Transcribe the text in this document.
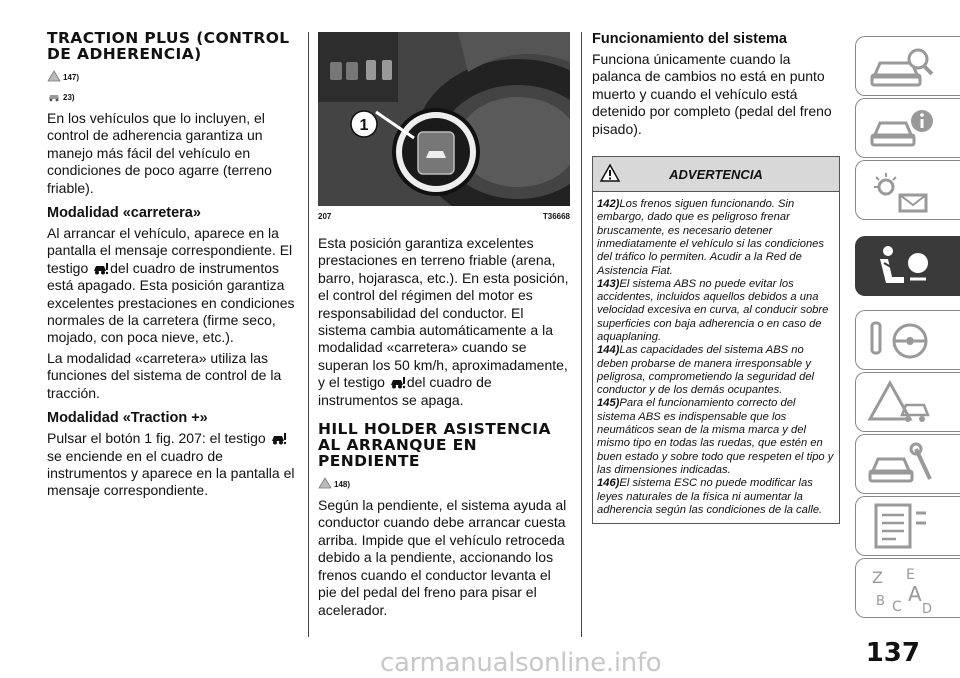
TRACTION PLUS (CONTROL DE ADHERENCIA)
147)
23)

En los vehículos que lo incluyen, el control de adherencia garantiza un manejo más fácil del vehículo en condiciones de poco agarre (terreno friable).

Modalidad «carretera»

Al arrancar el vehículo, aparece en la pantalla el mensaje correspondiente. El testigo del cuadro de instrumentos está apagado. Esta posición garantiza excelentes prestaciones en condiciones normales de la carretera (firme seco, mojado, con poca nieve, etc.).

La modalidad «carretera» utiliza las funciones del sistema de control de la tracción.

Modalidad «Traction +»

Pulsar el botón 1 fig. 207: el testigo se enciende en el cuadro de instrumentos y aparece en la pantalla el mensaje correspondiente.

1
207	T36668

Esta posición garantiza excelentes prestaciones en terreno friable (arena, barro, hojarasca, etc.). En esta posición, el control del régimen del motor es responsabilidad del conductor. El sistema cambia automáticamente a la modalidad «carretera» cuando se superan los 50 km/h, aproximadamente, y el testigo del cuadro de instrumentos se apaga.

HILL HOLDER ASISTENCIA AL ARRANQUE EN PENDIENTE
148)

Según la pendiente, el sistema ayuda al conductor cuando debe arrancar cuesta arriba. Impide que el vehículo retroceda debido a la pendiente, accionando los frenos cuando el conductor levanta el pie del pedal del freno para pisar el acelerador.

Funcionamiento del sistema

Funciona únicamente cuando la palanca de cambios no está en punto muerto y cuando el vehículo está detenido por completo (pedal del freno pisado).

ADVERTENCIA
142)Los frenos siguen funcionando. Sin embargo, dado que es peligroso frenar bruscamente, es necesario detener inmediatamente el vehículo si las condiciones del tráfico lo permiten. Acudir a la Red de Asistencia Fiat.
143)El sistema ABS no puede evitar los accidentes, incluidos aquellos debidos a una velocidad excesiva en curva, al conducir sobre superficies con baja adherencia o en caso de aquaplaning.
144)Las capacidades del sistema ABS no deben probarse de manera irresponsable y peligrosa, comprometiendo la seguridad del conductor y de los demás ocupantes.
145)Para el funcionamiento correcto del sistema ABS es indispensable que los neumáticos sean de la misma marca y del mismo tipo en todas las ruedas, que estén en buen estado y sobre todo que respeten el tipo y las dimensiones indicadas.
146)El sistema ESC no puede modificar las leyes naturales de la física ni aumentar la adherencia según las condiciones de la calle.
Z E
B A
C D
137
carmanualsonline.info
